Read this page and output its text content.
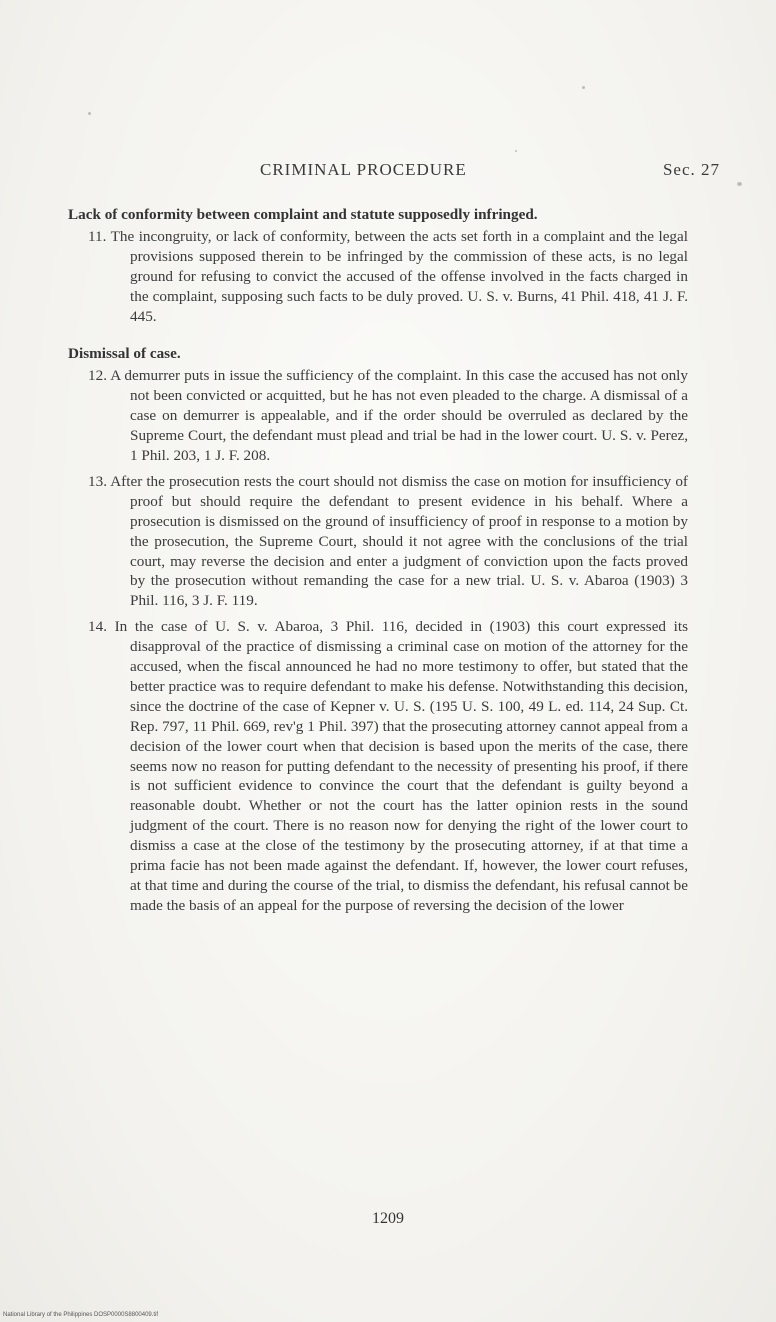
CRIMINAL PROCEDURE	Sec. 27

Lack of conformity between complaint and statute supposedly infringed.

11. The incongruity, or lack of conformity, between the acts set forth in a complaint and the legal provisions supposed therein to be infringed by the commission of these acts, is no legal ground for refusing to convict the accused of the offense involved in the facts charged in the complaint, supposing such facts to be duly proved. U. S. v. Burns, 41 Phil. 418, 41 J. F. 445.

Dismissal of case.

12. A demurrer puts in issue the sufficiency of the complaint. In this case the accused has not only not been convicted or acquitted, but he has not even pleaded to the charge. A dismissal of a case on demurrer is appealable, and if the order should be overruled as declared by the Supreme Court, the defendant must plead and trial be had in the lower court. U. S. v. Perez, 1 Phil. 203, 1 J. F. 208.

13. After the prosecution rests the court should not dismiss the case on motion for insufficiency of proof but should require the defendant to present evidence in his behalf. Where a prosecution is dismissed on the ground of insufficiency of proof in response to a motion by the prosecution, the Supreme Court, should it not agree with the conclusions of the trial court, may reverse the decision and enter a judgment of conviction upon the facts proved by the prosecution without remanding the case for a new trial. U. S. v. Abaroa (1903) 3 Phil. 116, 3 J. F. 119.

14. In the case of U. S. v. Abaroa, 3 Phil. 116, decided in (1903) this court expressed its disapproval of the practice of dismissing a criminal case on motion of the attorney for the accused, when the fiscal announced he had no more testimony to offer, but stated that the better practice was to require defendant to make his defense. Notwithstanding this decision, since the doctrine of the case of Kepner v. U. S. (195 U. S. 100, 49 L. ed. 114, 24 Sup. Ct. Rep. 797, 11 Phil. 669, rev'g 1 Phil. 397) that the prosecuting attorney cannot appeal from a decision of the lower court when that decision is based upon the merits of the case, there seems now no reason for putting defendant to the necessity of presenting his proof, if there is not sufficient evidence to convince the court that the defendant is guilty beyond a reasonable doubt. Whether or not the court has the latter opinion rests in the sound judgment of the court. There is no reason now for denying the right of the lower court to dismiss a case at the close of the testimony by the prosecuting attorney, if at that time a prima facie has not been made against the defendant. If, however, the lower court refuses, at that time and during the course of the trial, to dismiss the defendant, his refusal cannot be made the basis of an appeal for the purpose of reversing the decision of the lower

1209
National Library of the Philippines DOSP0000S8800409.tif
